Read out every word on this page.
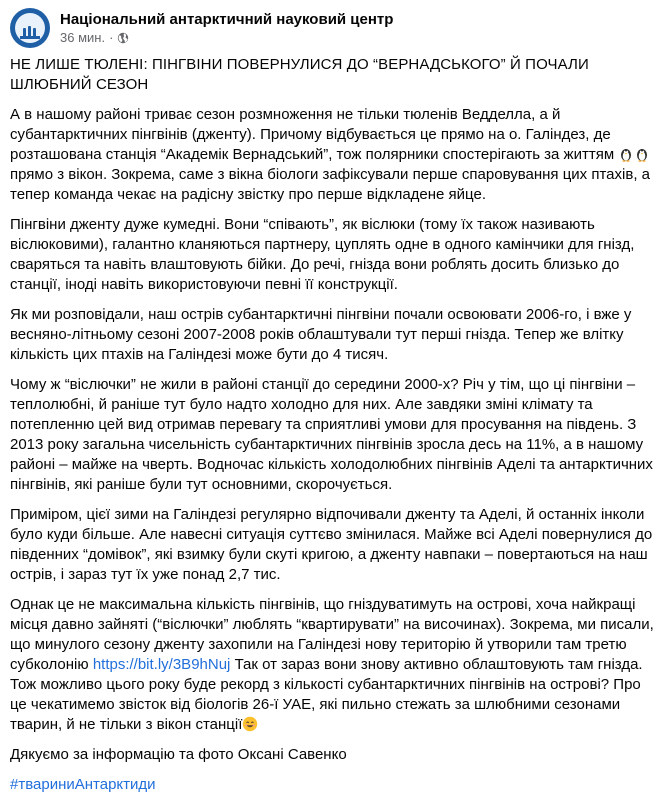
Національний антарктичний науковий центр
36 мин. ·

НЕ ЛИШЕ ТЮЛЕНІ: ПІНГВІНИ ПОВЕРНУЛИСЯ ДО “ВЕРНАДСЬКОГО” Й ПОЧАЛИ ШЛЮБНИЙ СЕЗОН

А в нашому районі триває сезон розмноження не тільки тюленів Ведделла, а й субантарктичних пінгвінів (дженту). Причому відбувається це прямо на о. Галіндез, де розташована станція “Академік Вернадський”, тож полярники спостерігають за життям  прямо з вікон. Зокрема, саме з вікна біологи зафіксували перше спаровування цих птахів, а тепер команда чекає на радісну звістку про перше відкладене яйце.

Пінгвіни дженту дуже кумедні. Вони “співають”, як віслюки (тому їх також називають віслюковими), галантно кланяються партнеру, цуплять одне в одного камінчики для гнізд, сваряться та навіть влаштовують бійки. До речі, гнізда вони роблять досить близько до станції, іноді навіть використовуючи певні її конструкції.

Як ми розповідали, наш острів субантарктичні пінгвіни почали освоювати 2006-го, і вже у весняно-літньому сезоні 2007-2008 років облаштували тут перші гнізда. Тепер же влітку кількість цих птахів на Галіндезі може бути до 4 тисяч.

Чому ж “віслючки” не жили в районі станції до середини 2000-х? Річ у тім, що ці пінгвіни – теплолюбні, й раніше тут було надто холодно для них. Але завдяки зміні клімату та потепленню цей вид отримав перевагу та сприятливі умови для просування на південь. З 2013 року загальна чисельність субантарктичних пінгвінів зросла десь на 11%, а в нашому районі – майже на чверть. Водночас кількість холодолюбних пінгвінів Аделі та антарктичних пінгвінів, які раніше були тут основними, скорочується.

Приміром, цієї зими на Галіндезі регулярно відпочивали дженту та Аделі, й останніх інколи було куди більше. Але навесні ситуація суттєво змінилася. Майже всі Аделі повернулися до південних “домівок”, які взимку були скуті кригою, а дженту навпаки – повертаються на наш острів, і зараз тут їх уже понад 2,7 тис.

Однак це не максимальна кількість пінгвінів, що гніздуватимуть на острові, хоча найкращі місця давно зайняті (“віслючки” люблять “квартирувати” на височинах). Зокрема, ми писали, що минулого сезону дженту захопили на Галіндезі нову територію й утворили там третю субколонію https://bit.ly/3B9hNuj Так от зараз вони знову активно облаштовують там гнізда. Тож можливо цього року буде рекорд з кількості субантарктичних пінгвінів на острові? Про це чекатимемо звісток від біологів 26-ї УАЕ, які пильно стежать за шлюбними сезонами тварин, й не тільки з вікон станції

Дякуємо за інформацію та фото Оксані Савенко

#твариниАнтарктиди
